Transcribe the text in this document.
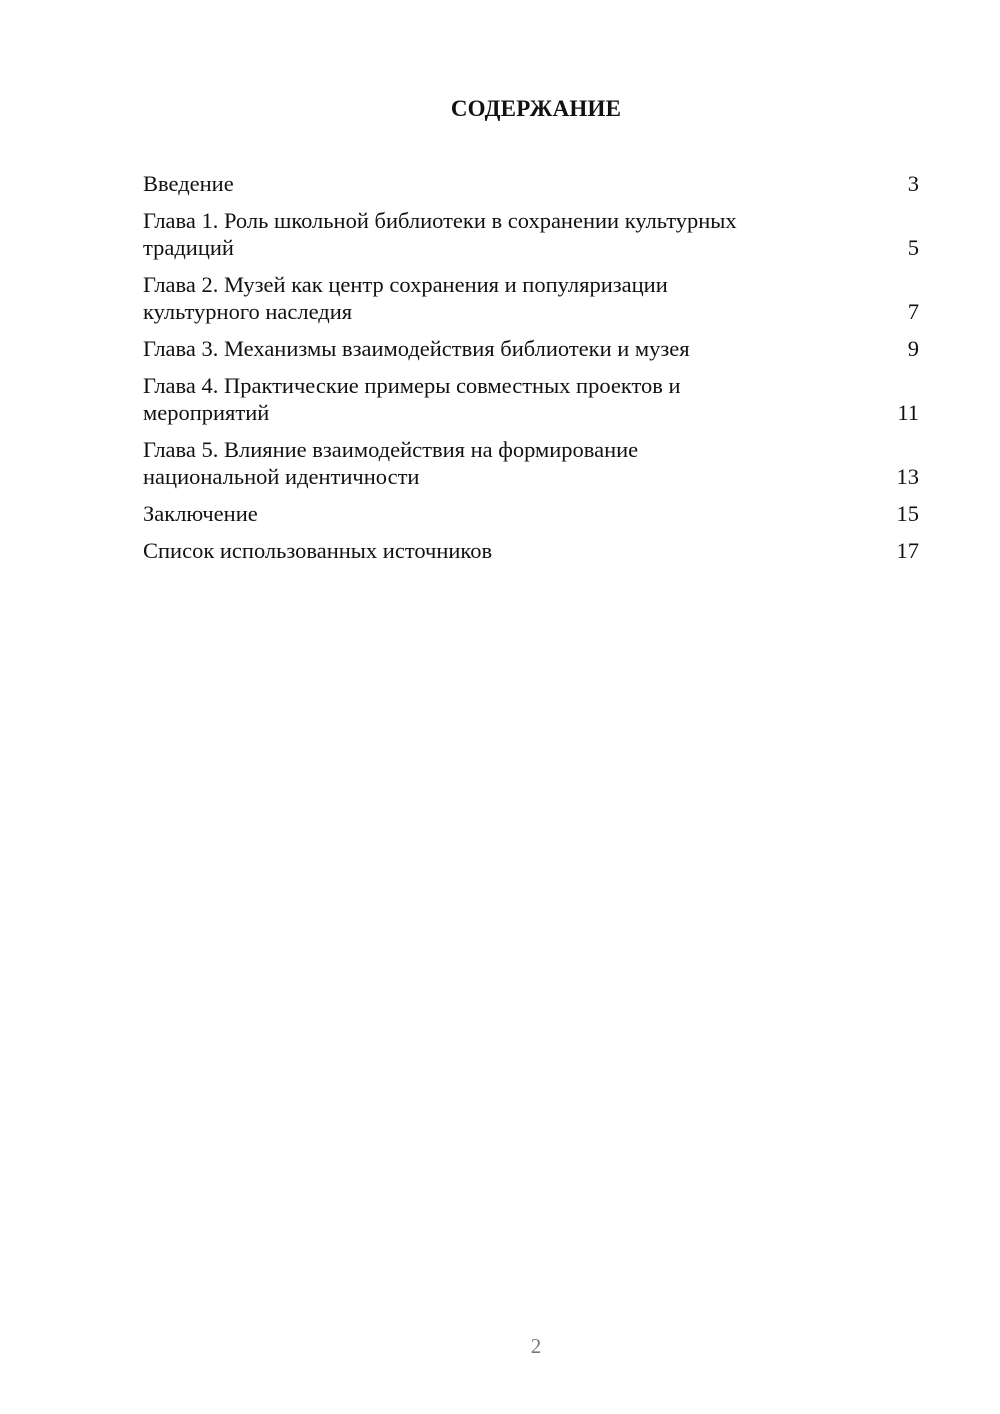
СОДЕРЖАНИЕ
Введение	3
Глава 1. Роль школьной библиотеки в сохранении культурных
традиций	5
Глава 2. Музей как центр сохранения и популяризации
культурного наследия	7
Глава 3. Механизмы взаимодействия библиотеки и музея	9
Глава 4. Практические примеры совместных проектов и
мероприятий	11
Глава 5. Влияние взаимодействия на формирование
национальной идентичности	13
Заключение	15
Список использованных источников	17
2
